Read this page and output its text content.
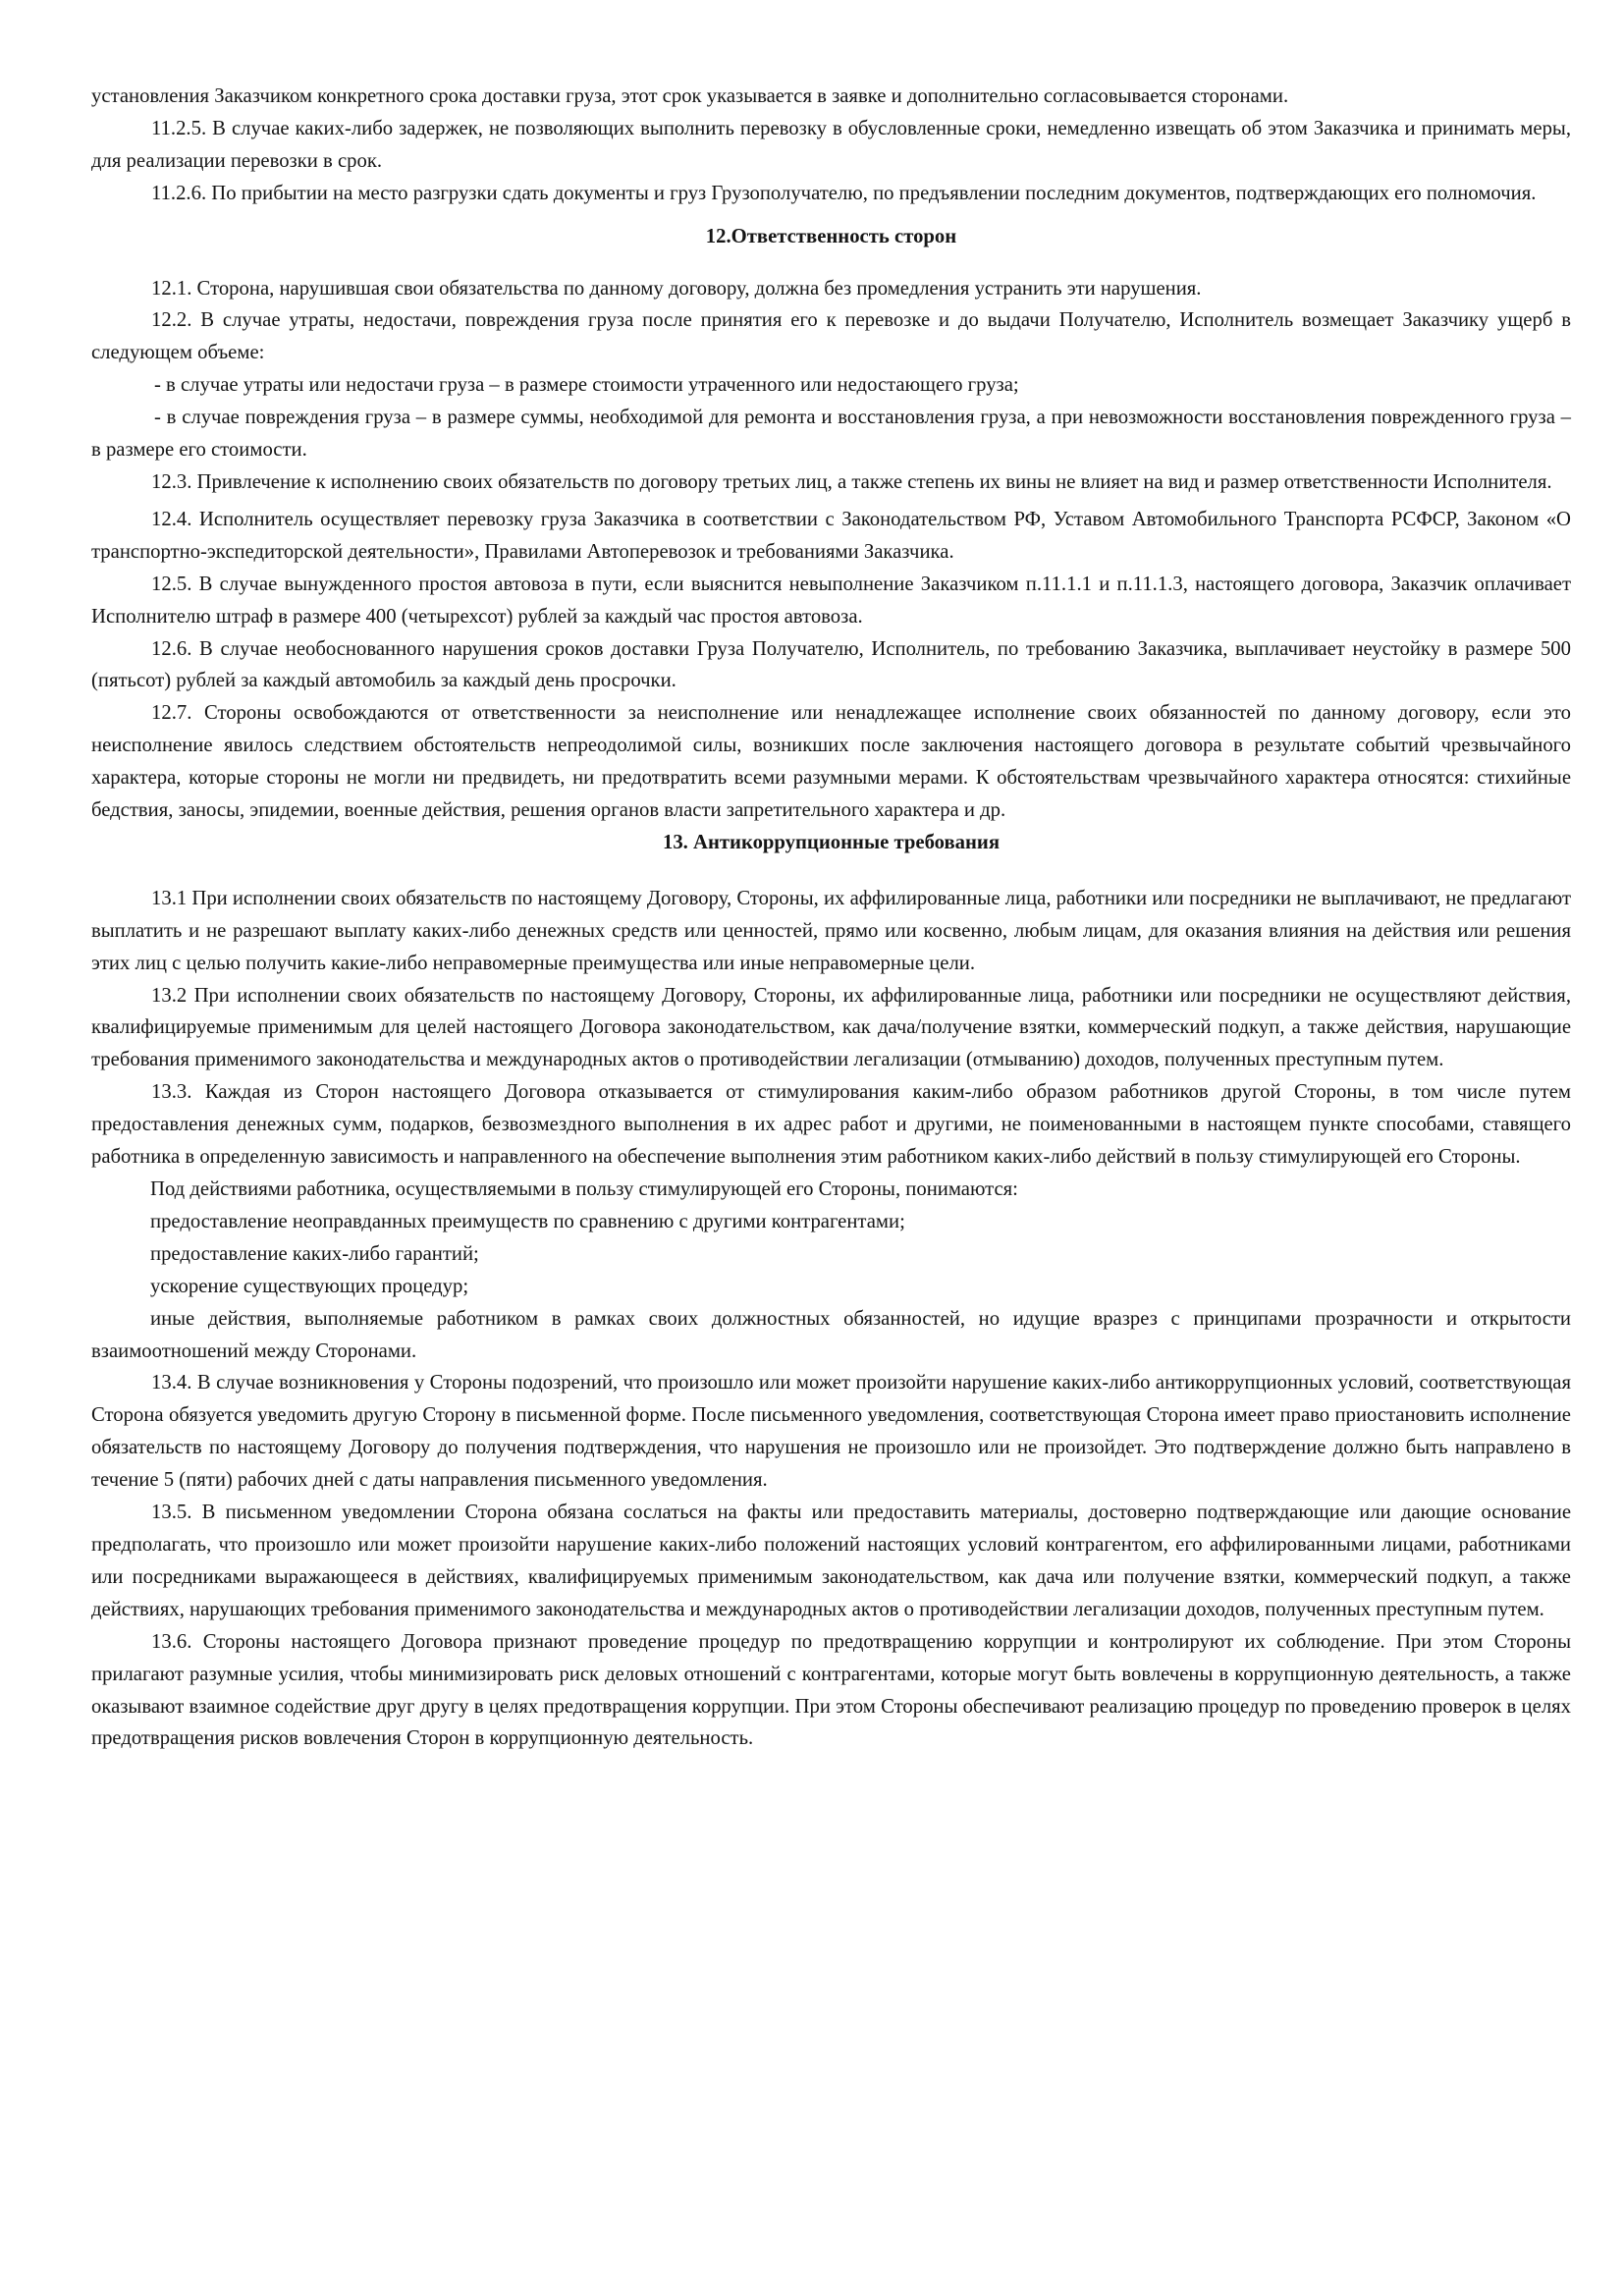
установления Заказчиком конкретного срока доставки груза, этот срок указывается в заявке и дополнительно согласовывается сторонами.

11.2.5. В случае каких-либо задержек, не позволяющих выполнить перевозку в обусловленные сроки, немедленно извещать об этом Заказчика и принимать меры, для реализации перевозки в срок.

11.2.6. По прибытии на место разгрузки сдать документы и груз Грузополучателю, по предъявлении последним документов, подтверждающих его полномочия.

12.Ответственность сторон

12.1. Сторона, нарушившая свои обязательства по данному договору, должна без промедления устранить эти нарушения.

12.2. В случае утраты, недостачи, повреждения груза после принятия его к перевозке и до выдачи Получателю, Исполнитель возмещает Заказчику ущерб в следующем объеме:

- в случае утраты или недостачи груза – в размере стоимости утраченного или недостающего груза;

- в случае повреждения груза – в размере суммы, необходимой для ремонта и восстановления груза, а при невозможности восстановления поврежденного груза – в размере его стоимости.

12.3. Привлечение к исполнению своих обязательств по договору третьих лиц, а также степень их вины не влияет на вид и размер ответственности Исполнителя.

12.4. Исполнитель осуществляет перевозку груза Заказчика в соответствии с Законодательством РФ, Уставом Автомобильного Транспорта РСФСР, Законом «О транспортно-экспедиторской деятельности», Правилами Автоперевозок и требованиями Заказчика.

12.5. В случае вынужденного простоя автовоза в пути, если выяснится невыполнение Заказчиком п.11.1.1 и п.11.1.3, настоящего договора, Заказчик оплачивает Исполнителю штраф в размере 400 (четырехсот) рублей за каждый час простоя автовоза.

12.6. В случае необоснованного нарушения сроков доставки Груза Получателю, Исполнитель, по требованию Заказчика, выплачивает неустойку в размере 500 (пятьсот) рублей за каждый автомобиль за каждый день просрочки.

12.7. Стороны освобождаются от ответственности за неисполнение или ненадлежащее исполнение своих обязанностей по данному договору, если это неисполнение явилось следствием обстоятельств непреодолимой силы, возникших после заключения настоящего договора в результате событий чрезвычайного характера, которые стороны не могли ни предвидеть, ни предотвратить всеми разумными мерами. К обстоятельствам чрезвычайного характера относятся: стихийные бедствия, заносы, эпидемии, военные действия, решения органов власти запретительного характера и др.

13. Антикоррупционные требования

13.1 При исполнении своих обязательств по настоящему Договору, Стороны, их аффилированные лица, работники или посредники не выплачивают, не предлагают выплатить и не разрешают выплату каких-либо денежных средств или ценностей, прямо или косвенно, любым лицам, для оказания влияния на действия или решения этих лиц с целью получить какие-либо неправомерные преимущества или иные неправомерные цели.

13.2 При исполнении своих обязательств по настоящему Договору, Стороны, их аффилированные лица, работники или посредники не осуществляют действия, квалифицируемые применимым для целей настоящего Договора законодательством, как дача/получение взятки, коммерческий подкуп, а также действия, нарушающие требования применимого законодательства и международных актов о противодействии легализации (отмыванию) доходов, полученных преступным путем.

13.3. Каждая из Сторон настоящего Договора отказывается от стимулирования каким-либо образом работников другой Стороны, в том числе путем предоставления денежных сумм, подарков, безвозмездного выполнения в их адрес работ и другими, не поименованными в настоящем пункте способами, ставящего работника в определенную зависимость и направленного на обеспечение выполнения этим работником каких-либо действий в пользу стимулирующей его Стороны.

Под действиями работника, осуществляемыми в пользу стимулирующей его Стороны, понимаются:

предоставление неоправданных преимуществ по сравнению с другими контрагентами;

предоставление каких-либо гарантий;

ускорение существующих процедур;

иные действия, выполняемые работником в рамках своих должностных обязанностей, но идущие вразрез с принципами прозрачности и открытости взаимоотношений между Сторонами.

13.4. В случае возникновения у Стороны подозрений, что произошло или может произойти нарушение каких-либо антикоррупционных условий, соответствующая Сторона обязуется уведомить другую Сторону в письменной форме. После письменного уведомления, соответствующая Сторона имеет право приостановить исполнение обязательств по настоящему Договору до получения подтверждения, что нарушения не произошло или не произойдет. Это подтверждение должно быть направлено в течение 5 (пяти) рабочих дней с даты направления письменного уведомления.

13.5. В письменном уведомлении Сторона обязана сослаться на факты или предоставить материалы, достоверно подтверждающие или дающие основание предполагать, что произошло или может произойти нарушение каких-либо положений настоящих условий контрагентом, его аффилированными лицами, работниками или посредниками выражающееся в действиях, квалифицируемых применимым законодательством, как дача или получение взятки, коммерческий подкуп, а также действиях, нарушающих требования применимого законодательства и международных актов о противодействии легализации доходов, полученных преступным путем.

13.6. Стороны настоящего Договора признают проведение процедур по предотвращению коррупции и контролируют их соблюдение. При этом Стороны прилагают разумные усилия, чтобы минимизировать риск деловых отношений с контрагентами, которые могут быть вовлечены в коррупционную деятельность, а также оказывают взаимное содействие друг другу в целях предотвращения коррупции. При этом Стороны обеспечивают реализацию процедур по проведению проверок в целях предотвращения рисков вовлечения Сторон в коррупционную деятельность.
